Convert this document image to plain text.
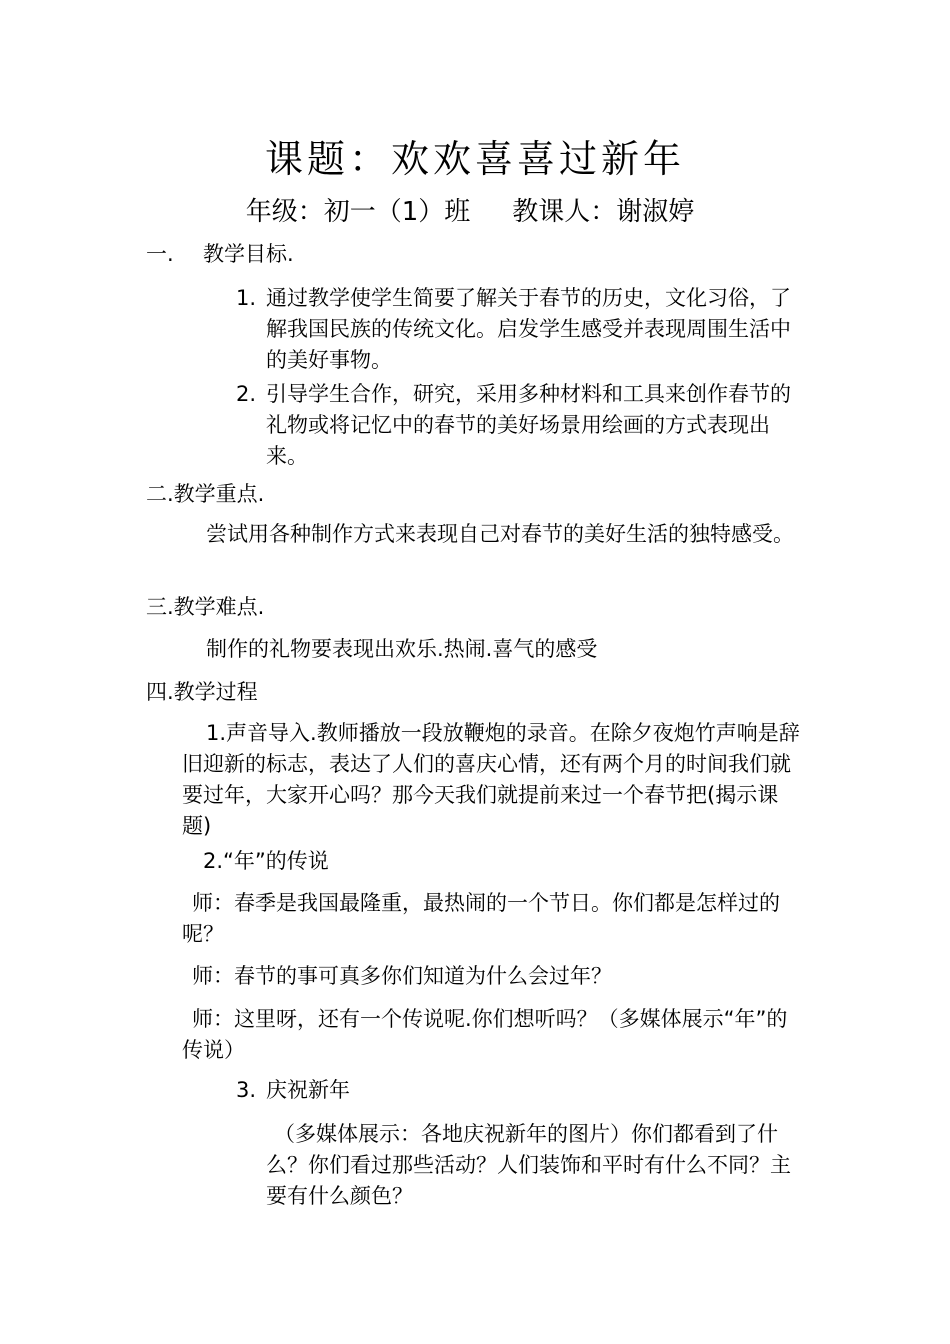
课题：欢欢喜喜过新年
年级：初一（1）班 教课人：谢淑婷
一. 教学目标.
1. 通过教学使学生简要了解关于春节的历史，文化习俗，了解我国民族的传统文化。启发学生感受并表现周围生活中的美好事物。
2. 引导学生合作，研究，采用多种材料和工具来创作春节的礼物或将记忆中的春节的美好场景用绘画的方式表现出来。
二.教学重点.
尝试用各种制作方式来表现自己对春节的美好生活的独特感受。
三.教学难点.
制作的礼物要表现出欢乐.热闹.喜气的感受
四.教学过程
1.声音导入.教师播放一段放鞭炮的录音。在除夕夜炮竹声响是辞旧迎新的标志，表达了人们的喜庆心情，还有两个月的时间我们就要过年，大家开心吗？那今天我们就提前来过一个春节把(揭示课题)
2.“年”的传说
师：春季是我国最隆重，最热闹的一个节日。你们都是怎样过的呢？
师：春节的事可真多你们知道为什么会过年？
师：这里呀，还有一个传说呢.你们想听吗？（多媒体展示“年”的传说）
3. 庆祝新年
（多媒体展示：各地庆祝新年的图片）你们都看到了什么？你们看过那些活动？人们装饰和平时有什么不同？主要有什么颜色？
